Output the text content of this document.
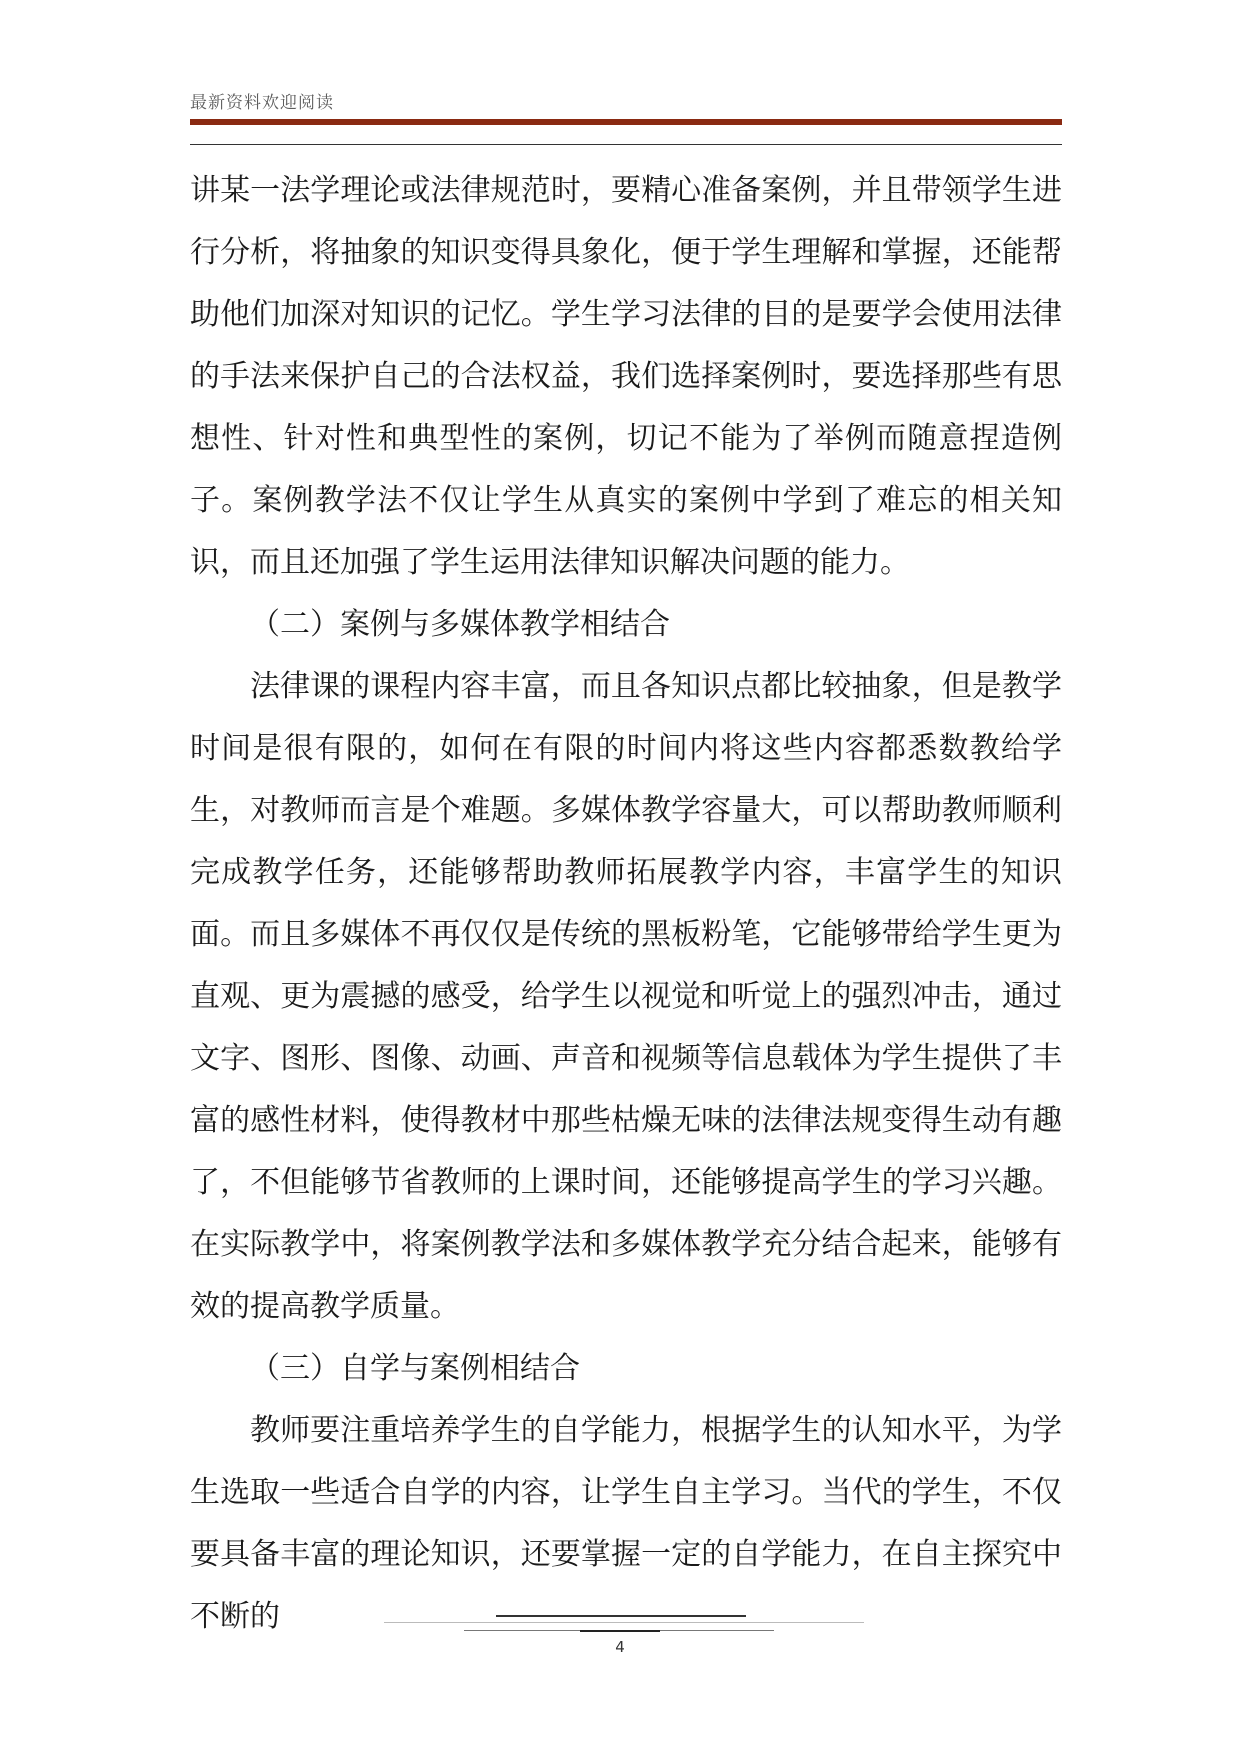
最新资料欢迎阅读

讲某一法学理论或法律规范时，要精心准备案例，并且带领学生进行分析，将抽象的知识变得具象化，便于学生理解和掌握，还能帮助他们加深对知识的记忆。学生学习法律的目的是要学会使用法律的手法来保护自己的合法权益，我们选择案例时，要选择那些有思想性、针对性和典型性的案例，切记不能为了举例而随意捏造例子。案例教学法不仅让学生从真实的案例中学到了难忘的相关知识，而且还加强了学生运用法律知识解决问题的能力。

（二）案例与多媒体教学相结合

法律课的课程内容丰富，而且各知识点都比较抽象，但是教学时间是很有限的，如何在有限的时间内将这些内容都悉数教给学生，对教师而言是个难题。多媒体教学容量大，可以帮助教师顺利完成教学任务，还能够帮助教师拓展教学内容，丰富学生的知识面。而且多媒体不再仅仅是传统的黑板粉笔，它能够带给学生更为直观、更为震撼的感受，给学生以视觉和听觉上的强烈冲击，通过文字、图形、图像、动画、声音和视频等信息载体为学生提供了丰富的感性材料，使得教材中那些枯燥无味的法律法规变得生动有趣了，不但能够节省教师的上课时间，还能够提高学生的学习兴趣。在实际教学中，将案例教学法和多媒体教学充分结合起来，能够有效的提高教学质量。

（三）自学与案例相结合

教师要注重培养学生的自学能力，根据学生的认知水平，为学生选取一些适合自学的内容，让学生自主学习。当代的学生，不仅要具备丰富的理论知识，还要掌握一定的自学能力，在自主探究中不断的

4
